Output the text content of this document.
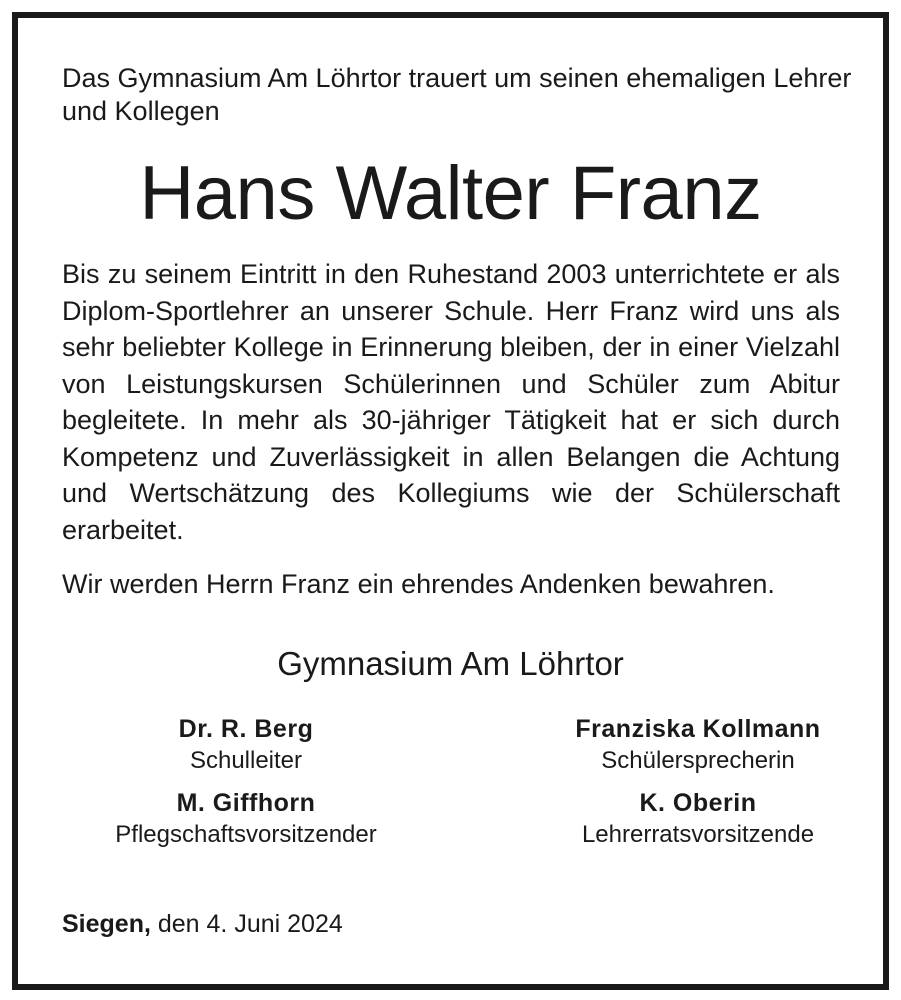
Das Gymnasium Am Löhrtor trauert um seinen ehemaligen Lehrer und Kollegen

Hans Walter Franz

Bis zu seinem Eintritt in den Ruhestand 2003 unterrichtete er als Diplom-Sportlehrer an unserer Schule. Herr Franz wird uns als sehr beliebter Kollege in Erinnerung bleiben, der in einer Vielzahl von Leistungskursen Schülerinnen und Schüler zum Abitur begleitete. In mehr als 30-jähriger Tätigkeit hat er sich durch Kompetenz und Zuverlässigkeit in allen Belangen die Achtung und Wertschätzung des Kollegiums wie der Schülerschaft erarbeitet.

Wir werden Herrn Franz ein ehrendes Andenken bewahren.

Gymnasium Am Löhrtor

Dr. R. Berg
Schulleiter
Franziska Kollmann
Schülersprecherin
M. Giffhorn
Pflegschaftsvorsitzender
K. Oberin
Lehrerratsvorsitzende

Siegen, den 4. Juni 2024
